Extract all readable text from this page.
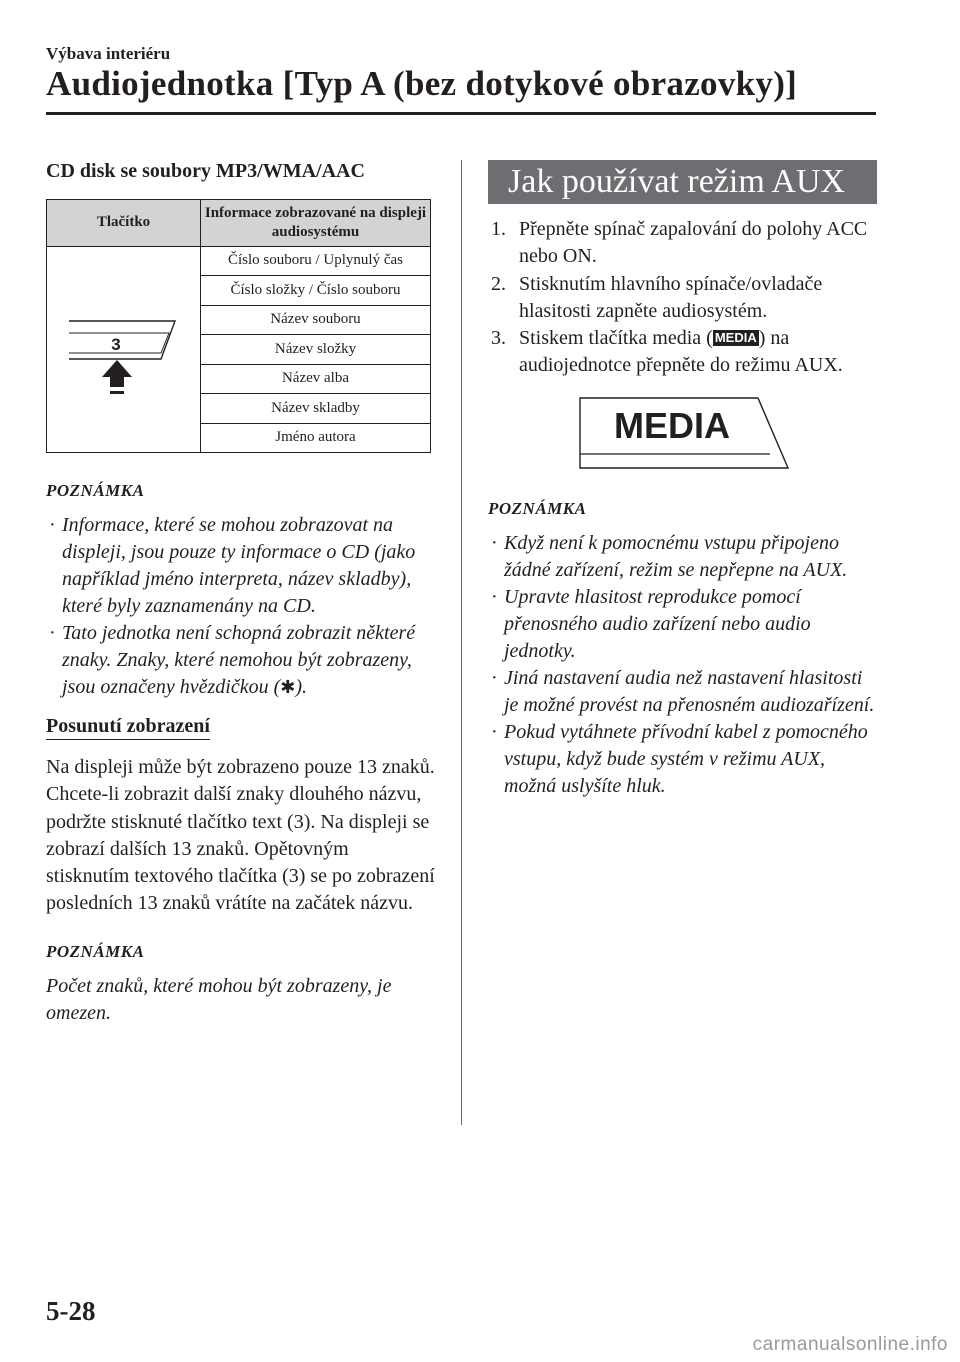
Výbava interiéru
Audiojednotka [Typ A (bez dotykové obrazovky)]
CD disk se soubory MP3/WMA/AAC
Tlačítko	Informace zobrazované na displeji audiosystému

3	Číslo souboru / Uplynulý čas
	Číslo složky / Číslo souboru
	Název souboru
	Název složky
	Název alba
	Název skladby
	Jméno autora
POZNÁMKA
· Informace, které se mohou zobrazovat na displeji, jsou pouze ty informace o CD (jako například jméno interpreta, název skladby), které byly zaznamenány na CD.
· Tato jednotka není schopná zobrazit některé znaky. Znaky, které nemohou být zobrazeny, jsou označeny hvězdičkou (✱).
Posunutí zobrazení
Na displeji může být zobrazeno pouze 13 znaků. Chcete-li zobrazit další znaky dlouhého názvu, podržte stisknuté tlačítko text (3). Na displeji se zobrazí dalších 13 znaků. Opětovným stisknutím textového tlačítka (3) se po zobrazení posledních 13 znaků vrátíte na začátek názvu.
POZNÁMKA
Počet znaků, které mohou být zobrazeny, je omezen.
Jak používat režim AUX
1. Přepněte spínač zapalování do polohy ACC nebo ON.
2. Stisknutím hlavního spínače/ovladače hlasitosti zapněte audiosystém.
3. Stiskem tlačítka media ( MEDIA ) na audiojednotce přepněte do režimu AUX.
MEDIA
POZNÁMKA
· Když není k pomocnému vstupu připojeno žádné zařízení, režim se nepřepne na AUX.
· Upravte hlasitost reprodukce pomocí přenosného audio zařízení nebo audio jednotky.
· Jiná nastavení audia než nastavení hlasitosti je možné provést na přenosném audiozařízení.
· Pokud vytáhnete přívodní kabel z pomocného vstupu, když bude systém v režimu AUX, možná uslyšíte hluk.
5-28
carmanualsonline.info
